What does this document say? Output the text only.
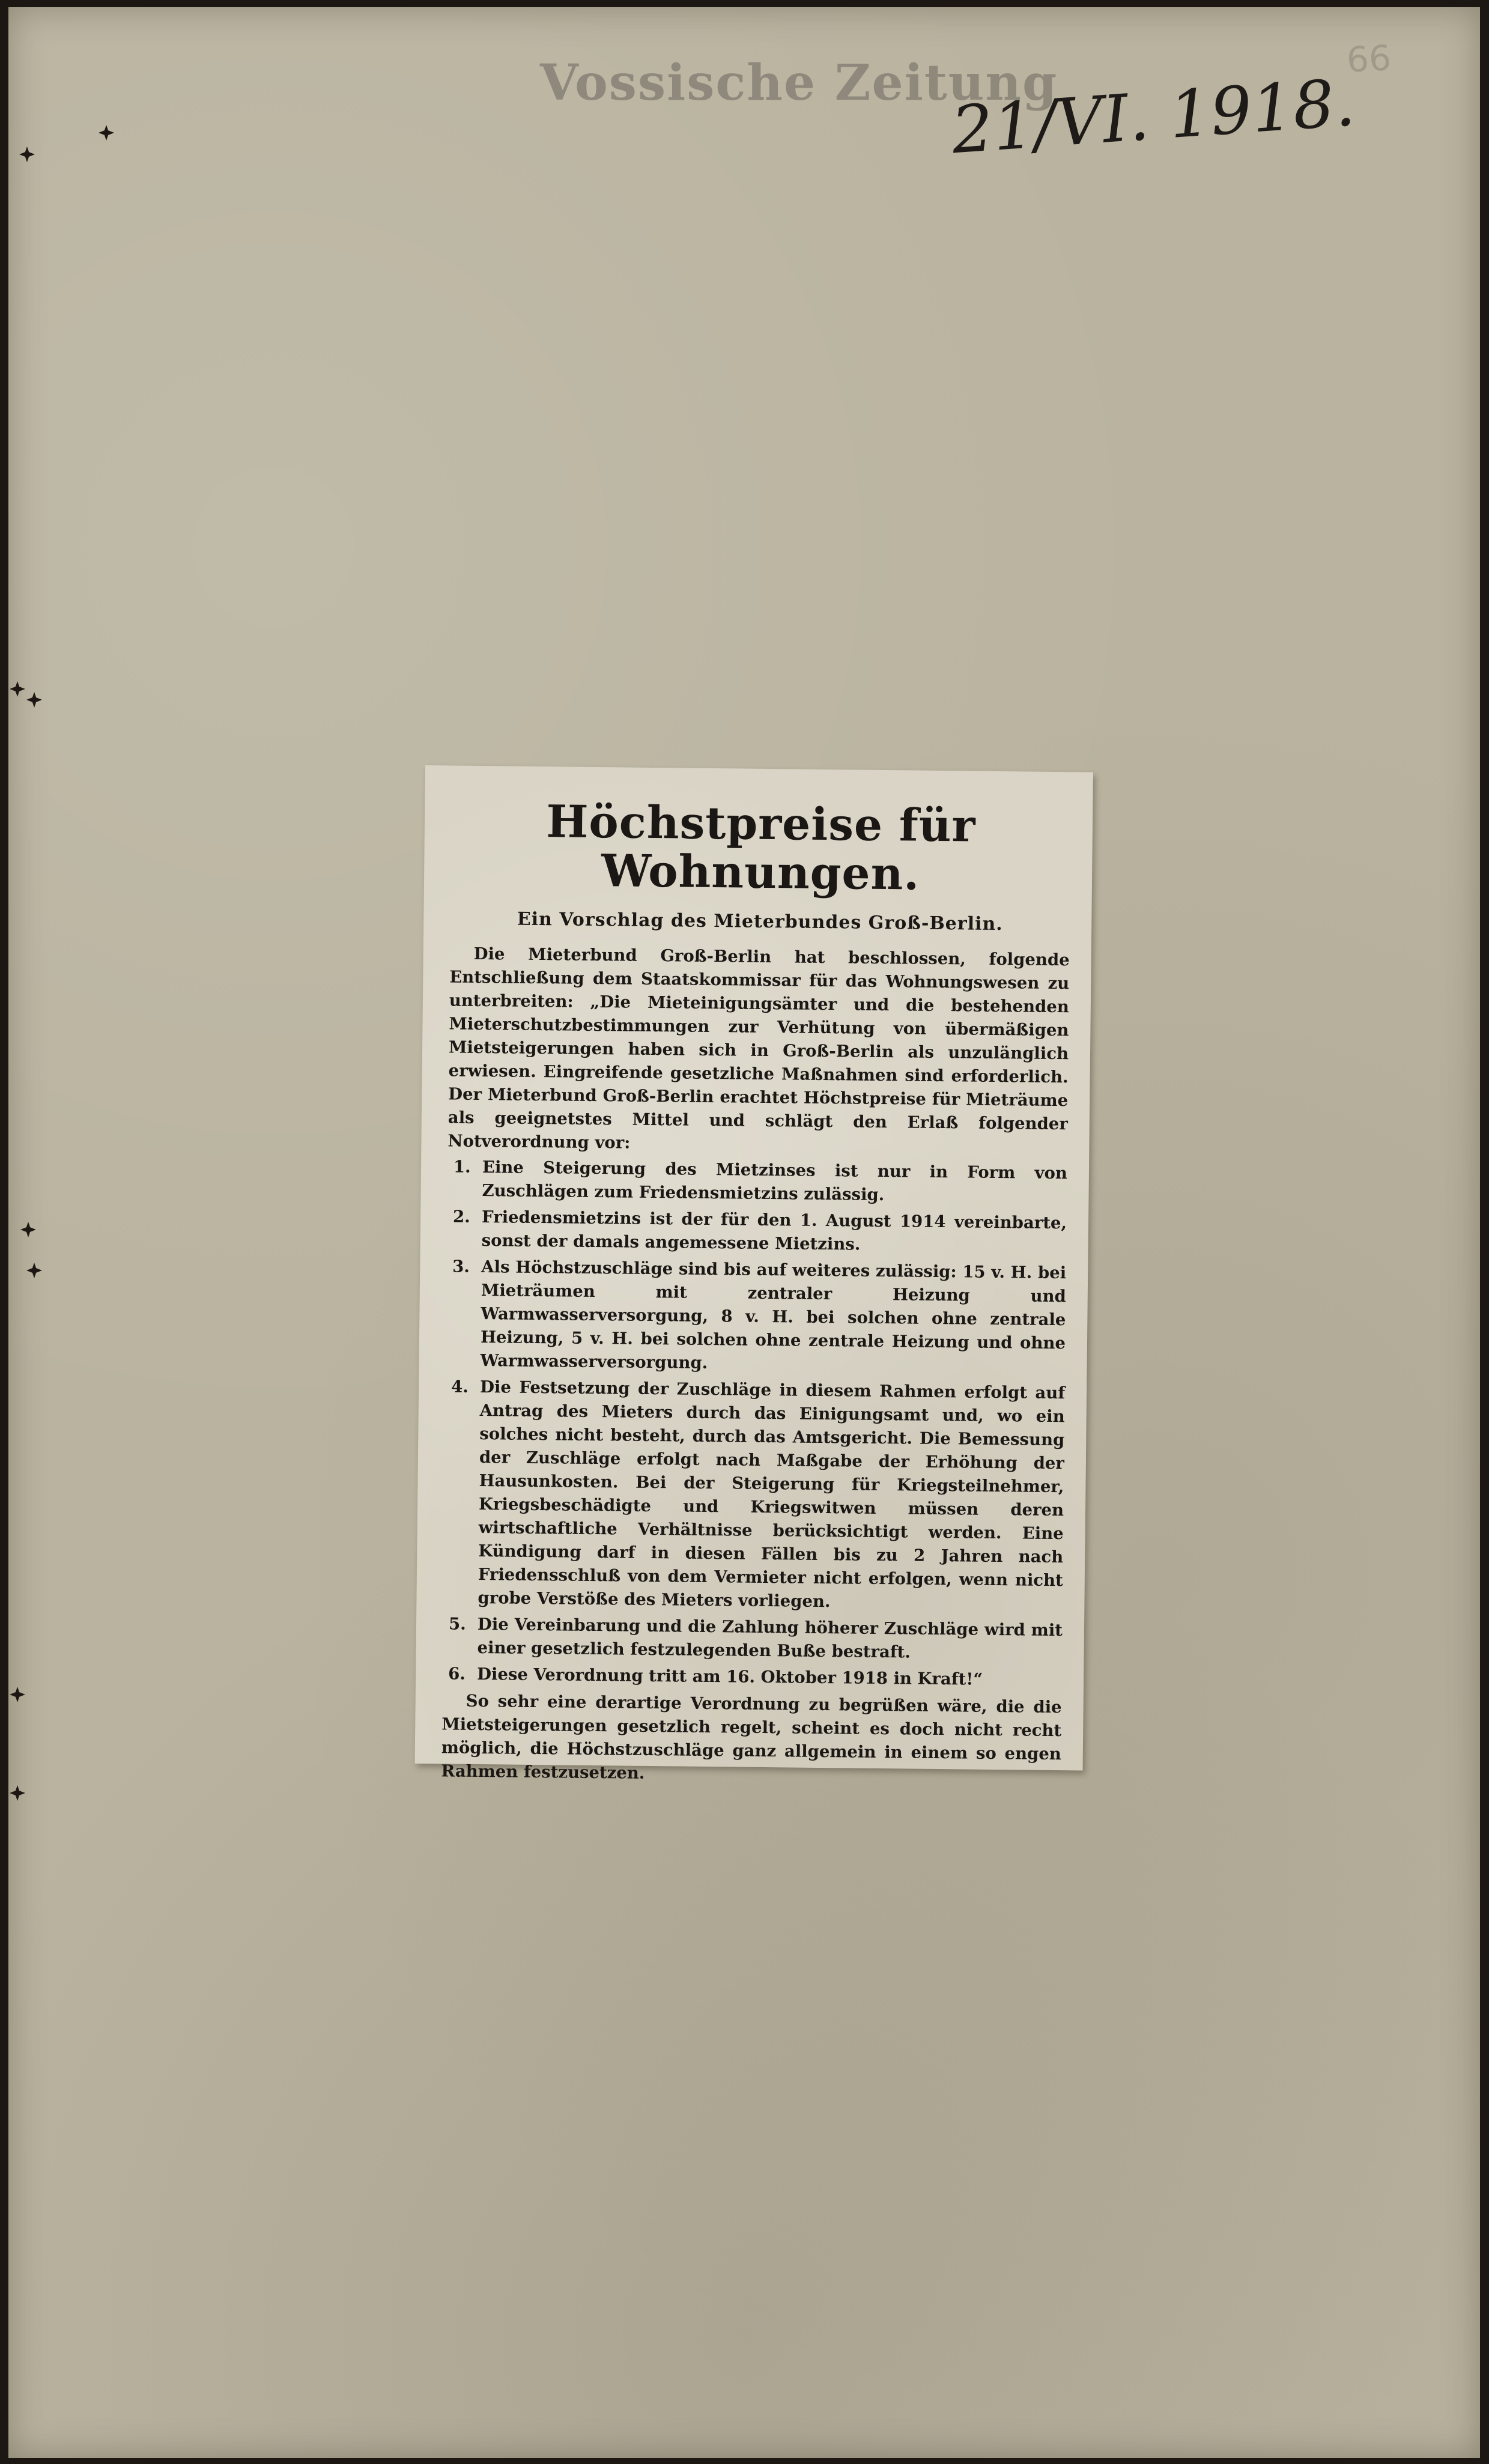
Vossische Zeitung
21/VI. 1918.
66
Höchstpreise für Wohnungen.
Ein Vorschlag des Mieterbundes Groß-Berlin.

Die Mieterbund Groß-Berlin hat beschlossen, folgende Entschließung dem Staatskommissar für das Wohnungswesen zu unterbreiten: „Die Mieteinigungsämter und die bestehenden Mieterschutzbestimmungen zur Verhütung von übermäßigen Mietsteigerungen haben sich in Groß-Berlin als unzulänglich erwiesen. Eingreifende gesetzliche Maßnahmen sind erforderlich. Der Mieterbund Groß-Berlin erachtet Höchstpreise für Mieträume als geeignetstes Mittel und schlägt den Erlaß folgender Notverordnung vor:

1. Eine Steigerung des Mietzinses ist nur in Form von Zuschlägen zum Friedensmietzins zulässig.
2. Friedensmietzins ist der für den 1. August 1914 vereinbarte, sonst der damals angemessene Mietzins.
3. Als Höchstzuschläge sind bis auf weiteres zulässig: 15 v. H. bei Mieträumen mit zentraler Heizung und Warmwasserversorgung, 8 v. H. bei solchen ohne zentrale Heizung, 5 v. H. bei solchen ohne zentrale Heizung und ohne Warmwasserversorgung.
4. Die Festsetzung der Zuschläge in diesem Rahmen erfolgt auf Antrag des Mieters durch das Einigungsamt und, wo ein solches nicht besteht, durch das Amtsgericht. Die Bemessung der Zuschläge erfolgt nach Maßgabe der Erhöhung der Hausunkosten. Bei der Steigerung für Kriegsteilnehmer, Kriegsbeschädigte und Kriegswitwen müssen deren wirtschaftliche Verhältnisse berücksichtigt werden. Eine Kündigung darf in diesen Fällen bis zu 2 Jahren nach Friedensschluß von dem Vermieter nicht erfolgen, wenn nicht grobe Verstöße des Mieters vorliegen.
5. Die Vereinbarung und die Zahlung höherer Zuschläge wird mit einer gesetzlich festzulegenden Buße bestraft.
6. Diese Verordnung tritt am 16. Oktober 1918 in Kraft!“

So sehr eine derartige Verordnung zu begrüßen wäre, die die Mietsteigerungen gesetzlich regelt, scheint es doch nicht recht möglich, die Höchstzuschläge ganz allgemein in einem so engen Rahmen festzusetzen.
